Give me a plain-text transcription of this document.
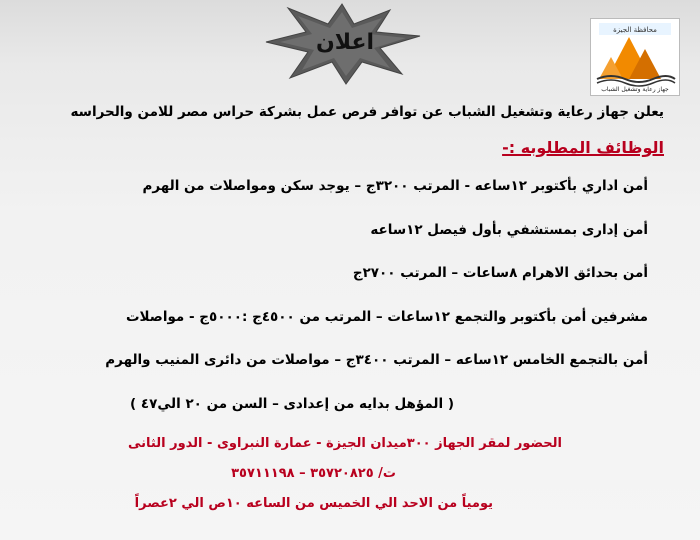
اعلان	محافظة الجيزة
جهاز رعاية وتشغيل الشباب
يعلن جهاز رعاية وتشغيل الشباب عن توافر فرص عمل بشركة حراس مصر للامن والحراسه
الوظائف المطلوبه :-
أمن اداري بأكتوبر ١٢ساعه - المرتب ٣٢٠٠ج – يوجد سكن ومواصلات من الهرم
أمن إدارى بمستشفي بأول فيصل ١٢ساعه
أمن بحدائق الاهرام ٨ساعات – المرتب ٢٧٠٠ج
مشرفين أمن بأكتوبر والتجمع ١٢ساعات – المرتب من ٤٥٠٠ج :٥٠٠٠ج - مواصلات
أمن بالتجمع الخامس ١٢ساعه – المرتب ٣٤٠٠ج – مواصلات من دائرى المنيب والهرم
( المؤهل بدايه من إعدادى – السن من ٢٠ الي٤٧ )
الحضور لمقر الجهاز ٣٠٠ميدان الجيزة - عمارة النبراوى - الدور الثانى
ت/ ٣٥٧٢٠٨٢٥ – ٣٥٧١١١٩٨
يومياً من الاحد الي الخميس من الساعه ١٠ص الي ٢عصراً
